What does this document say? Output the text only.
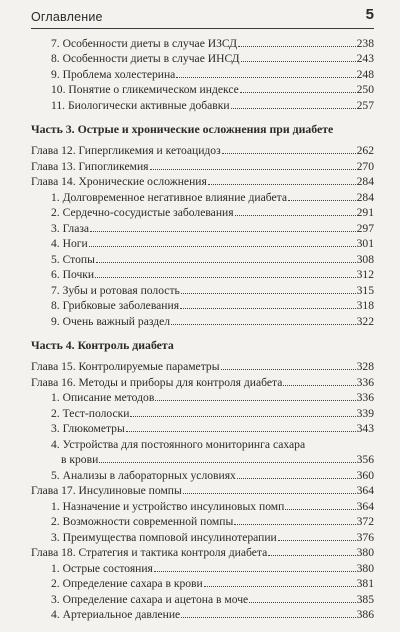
Оглавление	5
7. Особенности диеты в случае ИЗСД	238
8. Особенности диеты в случае ИНСД	243
9. Проблема холестерина	248
10. Понятие о гликемическом индексе	250
11. Биологически активные добавки	257
Часть 3. Острые и хронические осложнения при диабете
Глава 12. Гипергликемия и кетоацидоз	262
Глава 13. Гипогликемия	270
Глава 14. Хронические осложнения	284
1. Долговременное негативное влияние диабета	284
2. Сердечно-сосудистые заболевания	291
3. Глаза	297
4. Ноги	301
5. Стопы	308
6. Почки	312
7. Зубы и ротовая полость	315
8. Грибковые заболевания	318
9. Очень важный раздел	322
Часть 4. Контроль диабета
Глава 15. Контролируемые параметры	328
Глава 16. Методы и приборы для контроля диабета	336
1. Описание методов	336
2. Тест-полоски	339
3. Глюкометры	343
4. Устройства для постоянного мониторинга сахара
в крови	356
5. Анализы в лабораторных условиях	360
Глава 17. Инсулиновые помпы	364
1. Назначение и устройство инсулиновых помп	364
2. Возможности современной помпы	372
3. Преимущества помповой инсулинотерапии	376
Глава 18. Стратегия и тактика контроля диабета	380
1. Острые состояния	380
2. Определение сахара в крови	381
3. Определение сахара и ацетона в моче	385
4. Артериальное давление	386
